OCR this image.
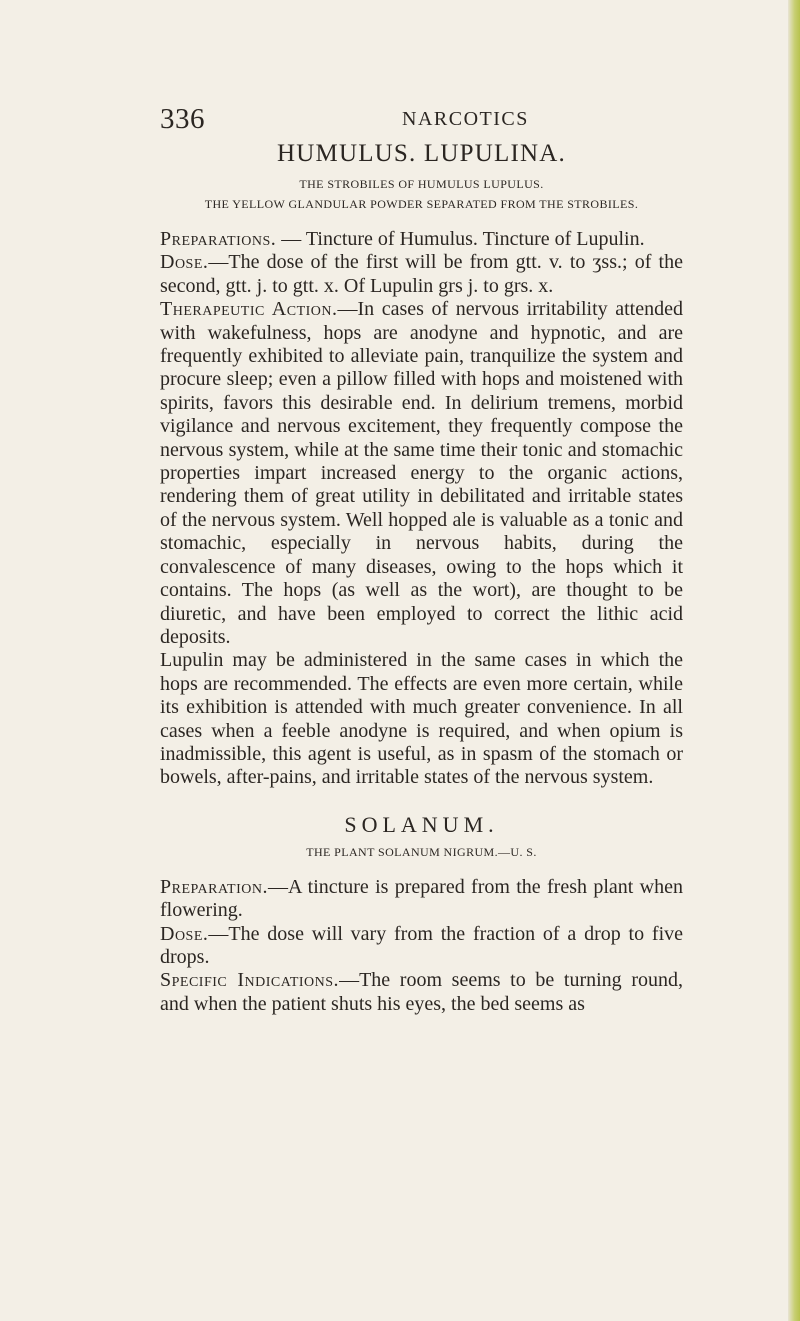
336	NARCOTICS
HUMULUS. LUPULINA.

THE STROBILES OF HUMULUS LUPULUS.

THE YELLOW GLANDULAR POWDER SEPARATED FROM THE STROBILES.

Preparations. — Tincture of Humulus. Tincture of Lupulin.

Dose.—The dose of the first will be from gtt. v. to ʒss.; of the second, gtt. j. to gtt. x. Of Lupulin grs j. to grs. x.

Therapeutic Action.—In cases of nervous irritability attended with wakefulness, hops are anodyne and hypnotic, and are frequently exhibited to alleviate pain, tranquilize the system and procure sleep; even a pillow filled with hops and moistened with spirits, favors this desirable end. In delirium tremens, morbid vigilance and nervous excitement, they frequently compose the nervous system, while at the same time their tonic and stomachic properties impart increased energy to the organic actions, rendering them of great utility in debilitated and irritable states of the nervous system. Well hopped ale is valuable as a tonic and stomachic, especially in nervous habits, during the convalescence of many diseases, owing to the hops which it contains. The hops (as well as the wort), are thought to be diuretic, and have been employed to correct the lithic acid deposits.

Lupulin may be administered in the same cases in which the hops are recommended. The effects are even more certain, while its exhibition is attended with much greater convenience. In all cases when a feeble anodyne is required, and when opium is inadmissible, this agent is useful, as in spasm of the stomach or bowels, after-pains, and irritable states of the nervous system.

SOLANUM.

THE PLANT SOLANUM NIGRUM.—U. S.

Preparation.—A tincture is prepared from the fresh plant when flowering.

Dose.—The dose will vary from the fraction of a drop to five drops.

Specific Indications.—The room seems to be turning round, and when the patient shuts his eyes, the bed seems as
